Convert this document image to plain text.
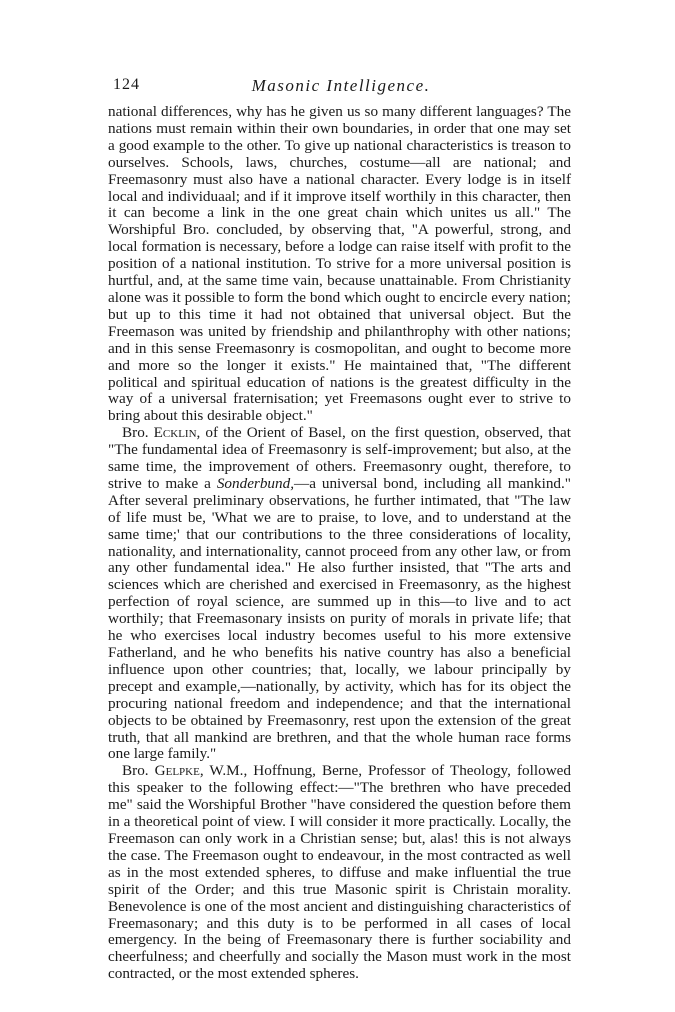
124	Masonic Intelligence.

national differences, why has he given us so many different languages? The nations must remain within their own boundaries, in order that one may set a good example to the other. To give up national characteristics is treason to ourselves. Schools, laws, churches, costume—all are national; and Freemasonry must also have a national character. Every lodge is in itself local and individuaal; and if it improve itself worthily in this character, then it can become a link in the one great chain which unites us all." The Worshipful Bro. concluded, by observing that, "A powerful, strong, and local formation is necessary, before a lodge can raise itself with profit to the position of a national institution. To strive for a more universal position is hurtful, and, at the same time vain, because unattainable. From Christianity alone was it possible to form the bond which ought to encircle every nation; but up to this time it had not obtained that universal object. But the Freemason was united by friendship and philanthrophy with other nations; and in this sense Freemasonry is cosmopolitan, and ought to become more and more so the longer it exists." He maintained that, "The different political and spiritual education of nations is the greatest difficulty in the way of a universal fraternisation; yet Freemasons ought ever to strive to bring about this desirable object."

Bro. Ecklin, of the Orient of Basel, on the first question, observed, that "The fundamental idea of Freemasonry is self-improvement; but also, at the same time, the improvement of others. Freemasonry ought, therefore, to strive to make a Sonderbund,—a universal bond, including all mankind." After several preliminary observations, he further intimated, that "The law of life must be, 'What we are to praise, to love, and to understand at the same time;' that our contributions to the three considerations of locality, nationality, and internationality, cannot proceed from any other law, or from any other fundamental idea." He also further insisted, that "The arts and sciences which are cherished and exercised in Freemasonry, as the highest perfection of royal science, are summed up in this—to live and to act worthily; that Freemasonary insists on purity of morals in private life; that he who exercises local industry becomes useful to his more extensive Fatherland, and he who benefits his native country has also a beneficial influence upon other countries; that, locally, we labour principally by precept and example,—nationally, by activity, which has for its object the procuring national freedom and independence; and that the international objects to be obtained by Freemasonry, rest upon the extension of the great truth, that all mankind are brethren, and that the whole human race forms one large family."

Bro. Gelpke, W.M., Hoffnung, Berne, Professor of Theology, followed this speaker to the following effect:—"The brethren who have preceded me" said the Worshipful Brother "have considered the question before them in a theoretical point of view. I will consider it more practically. Locally, the Freemason can only work in a Christian sense; but, alas! this is not always the case. The Freemason ought to endeavour, in the most contracted as well as in the most extended spheres, to diffuse and make influential the true spirit of the Order; and this true Masonic spirit is Christain morality. Benevolence is one of the most ancient and distinguishing characteristics of Freemasonary; and this duty is to be performed in all cases of local emergency. In the being of Freemasonary there is further sociability and cheerfulness; and cheerfully and socially the Mason must work in the most contracted, or the most extended spheres.
